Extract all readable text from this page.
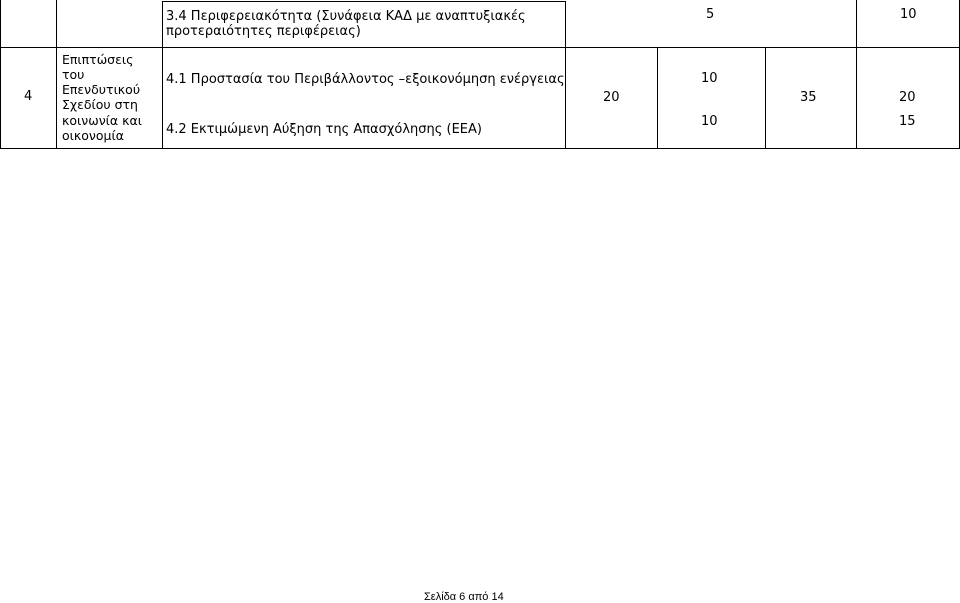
3.4 Περιφερειακότητα (Συνάφεια ΚΑΔ με αναπτυξιακές
προτεραιότητες περιφέρειας)
5	10
4
Επιπτώσεις
του
Επενδυτικού
Σχεδίου στη
κοινωνία και
οικονομία
4.1 Προστασία του Περιβάλλοντος –εξοικονόμηση ενέργειας
4.2 Εκτιμώμενη Αύξηση της Απασχόλησης (ΕΕΑ)
20
10
10
35	20
15
Σελίδα 6 από 14
